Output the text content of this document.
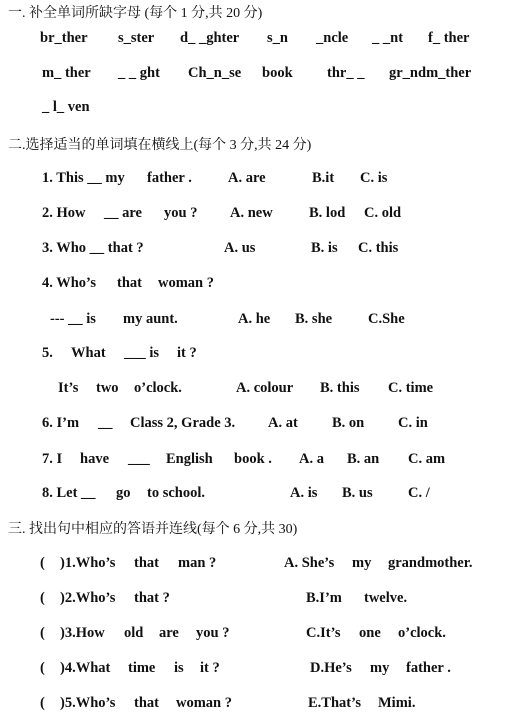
一. 补全单词所缺字母 (每个 1 分,共 20 分)
br_ther s_ster d_ _ghter s_n _ncle _ _nt f_ ther
m_ ther _ _ ght Ch_n_se book thr_ _ gr_ndm_ther
_ l_ ven
二.选择适当的单词填在横线上(每个 3 分,共 24 分)
1. This __ my father . A. are	B.it C. is
2. How __ are you ? A. new	B. lod C. old
3. Who __ that ?	A. us	B. is C. this
4. Who’s that woman ?
--- __ is my aunt.	A. he B. she C.She
5. What ___ is it ?
It’s two o’clock.	A. colour B. this C. time
6. I’m __ Class 2, Grade 3. A. at B. on C. in
7. I have ___ English book . A. a B. an C. am
8. Let __ go to school.	A. is B. us C. /
三. 找出句中相应的答语并连线(每个 6 分,共 30)
( )1.Who’s that man ?	A. She’s my grandmother.
( )2.Who’s that ?	B.I’m twelve.
( )3.How old are you ?	C.It’s one o’clock.
( )4.What time is it ?	D.He’s my father .
( )5.Who’s that woman ?	E.That’s Mimi.
